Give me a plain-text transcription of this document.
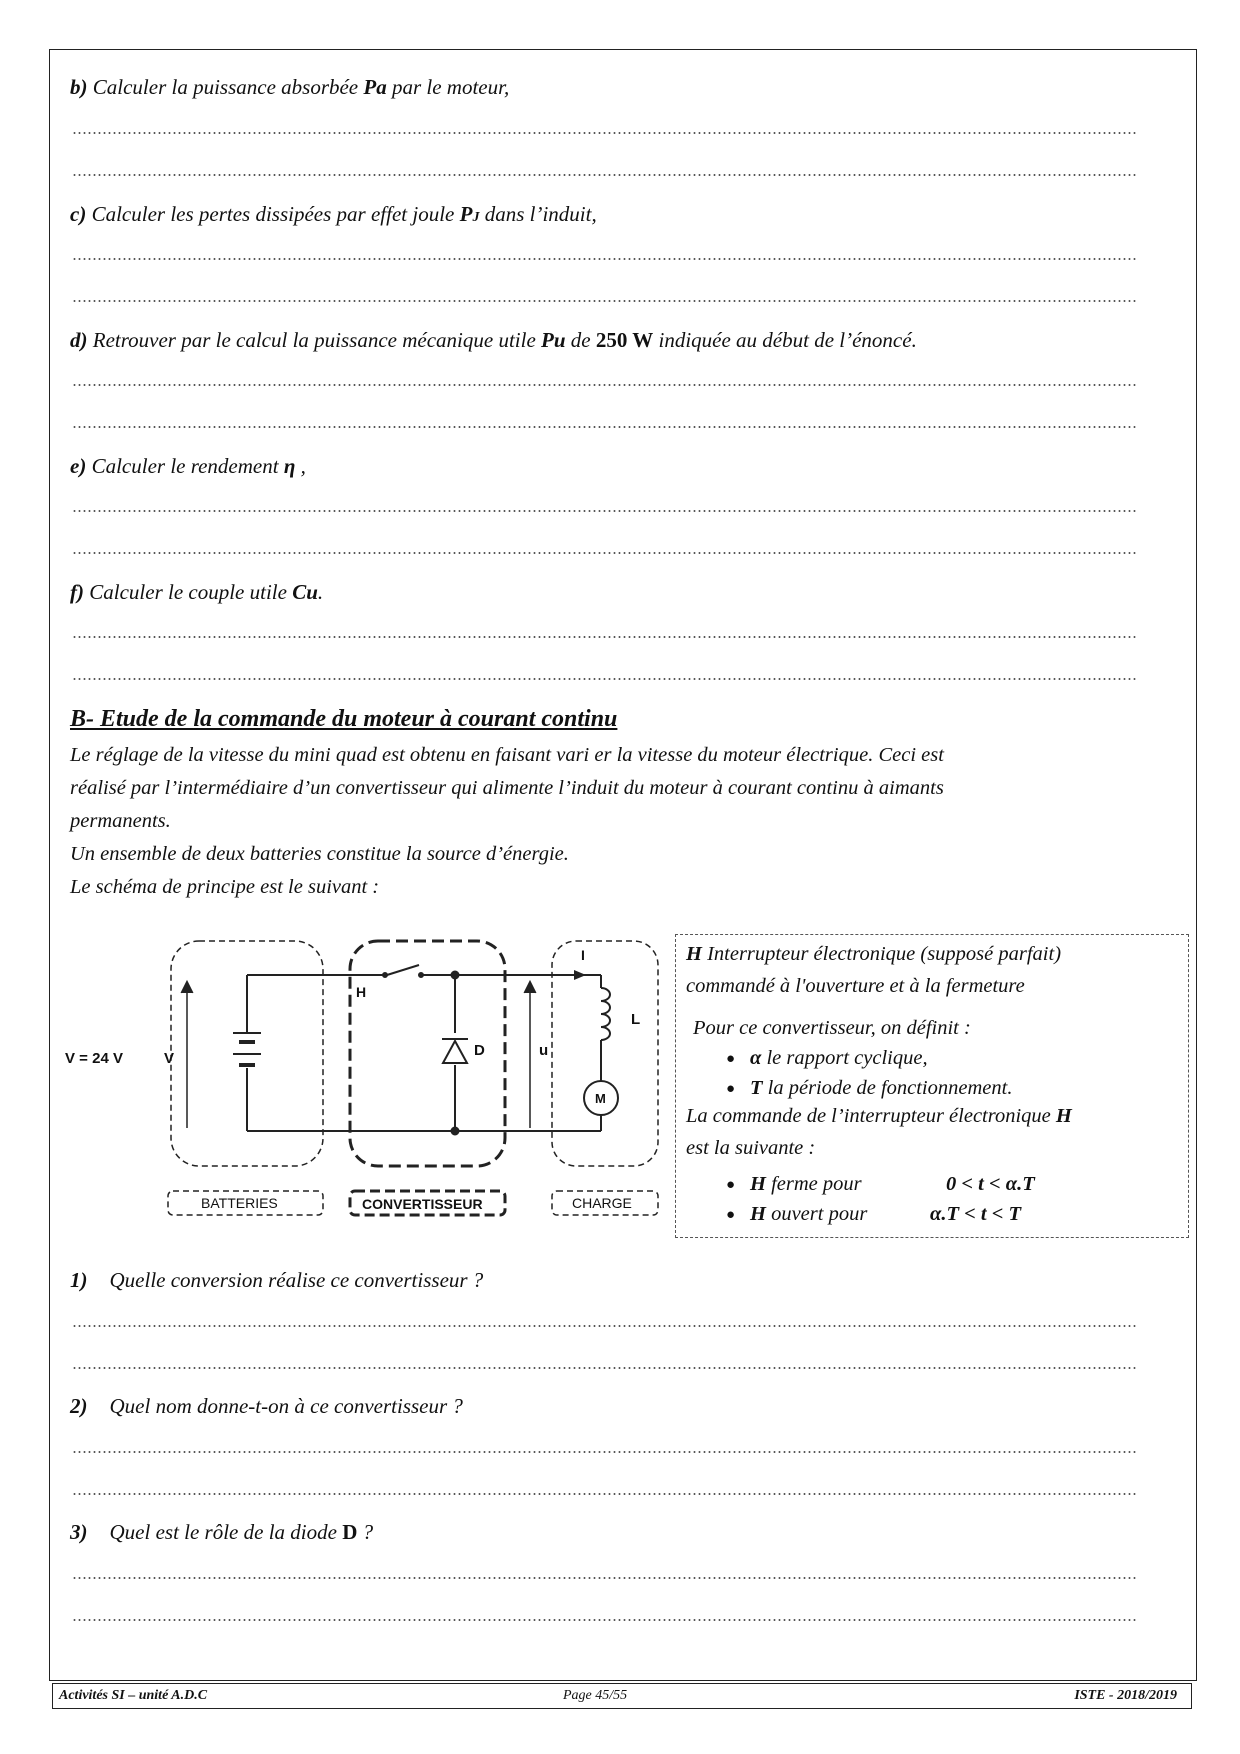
b) Calculer la puissance absorbée Pa par le moteur,
c) Calculer les pertes dissipées par effet joule PJ dans l’induit,
d) Retrouver par le calcul la puissance mécanique utile Pu de 250 W indiquée au début de l’énoncé.
e) Calculer le rendement η ,
f) Calculer le couple utile Cu.
B- Etude de la commande du moteur à courant continu
Le réglage de la vitesse du mini quad est obtenu en faisant vari er la vitesse du moteur électrique. Ceci est
réalisé par l’intermédiaire d’un convertisseur qui alimente l’induit du moteur à courant continu à aimants
permanents.
Un ensemble de deux batteries constitue la source d’énergie.
Le schéma de principe est le suivant :
V = 24 V	V
H
D	u
I
L
M
BATTERIES	CONVERTISSEUR	CHARGE
H Interrupteur électronique (supposé parfait)
commandé à l'ouverture et à la fermeture
Pour ce convertisseur, on définit :
● α le rapport cyclique,
● T la période de fonctionnement.
La commande de l’interrupteur électronique H
est la suivante :
● H ferme pour	0 < t < α.T
● H ouvert pour	α.T < t < T
1) Quelle conversion réalise ce convertisseur ?
2) Quel nom donne-t-on à ce convertisseur ?
3) Quel est le rôle de la diode D ?
Activités SI – unité A.D.C	Page 45/55	ISTE - 2018/2019
